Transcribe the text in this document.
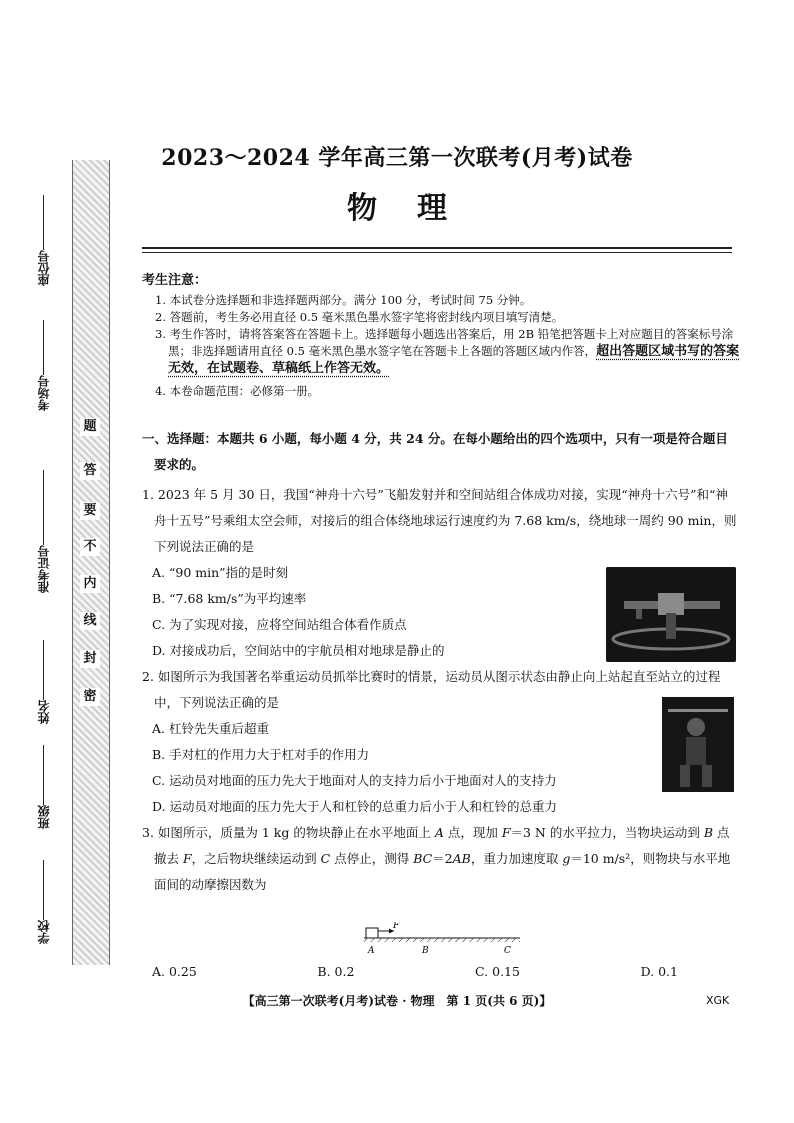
题
答
要
不
内
线
封
密
座位号
考场号
准考证号
姓名
班级
学校
2023～2024 学年高三第一次联考(月考)试卷
物理
考生注意：
1. 本试卷分选择题和非选择题两部分。满分 100 分，考试时间 75 分钟。
2. 答题前，考生务必用直径 0.5 毫米黑色墨水签字笔将密封线内项目填写清楚。
3. 考生作答时，请将答案答在答题卡上。选择题每小题选出答案后，用 2B 铅笔把答题卡上对应题目的答案标号涂黑；非选择题请用直径 0.5 毫米黑色墨水签字笔在答题卡上各题的答题区域内作答，超出答题区域书写的答案无效，在试题卷、草稿纸上作答无效。
4. 本卷命题范围：必修第一册。
一、选择题：本题共 6 小题，每小题 4 分，共 24 分。在每小题给出的四个选项中，只有一项是符合题目要求的。
1. 2023 年 5 月 30 日，我国“神舟十六号”飞船发射并和空间站组合体成功对接，实现“神舟十六号”和“神舟十五号”号乘组太空会师，对接后的组合体绕地球运行速度约为 7.68 km/s，绕地球一周约 90 min，则下列说法正确的是
A. “90 min”指的是时刻
B. “7.68 km/s”为平均速率
C. 为了实现对接，应将空间站组合体看作质点
D. 对接成功后，空间站中的宇航员相对地球是静止的
2. 如图所示为我国著名举重运动员抓举比赛时的情景，运动员从图示状态由静止向上站起直至站立的过程中，下列说法正确的是
A. 杠铃先失重后超重
B. 手对杠的作用力大于杠对手的作用力
C. 运动员对地面的压力先大于地面对人的支持力后小于地面对人的支持力
D. 运动员对地面的压力先大于人和杠铃的总重力后小于人和杠铃的总重力
3. 如图所示，质量为 1 kg 的物块静止在水平地面上 A 点，现加 F＝3 N 的水平拉力，当物块运动到 B 点撤去 F，之后物块继续运动到 C 点停止，测得 BC＝2AB，重力加速度取 g＝10 m/s²，则物块与水平地面间的动摩擦因数为
A. 0.25	B. 0.2	C. 0.15	D. 0.1
F
A	B	C
【高三第一次联考(月考)试卷 · 物理　第 1 页(共 6 页)】	XGK
